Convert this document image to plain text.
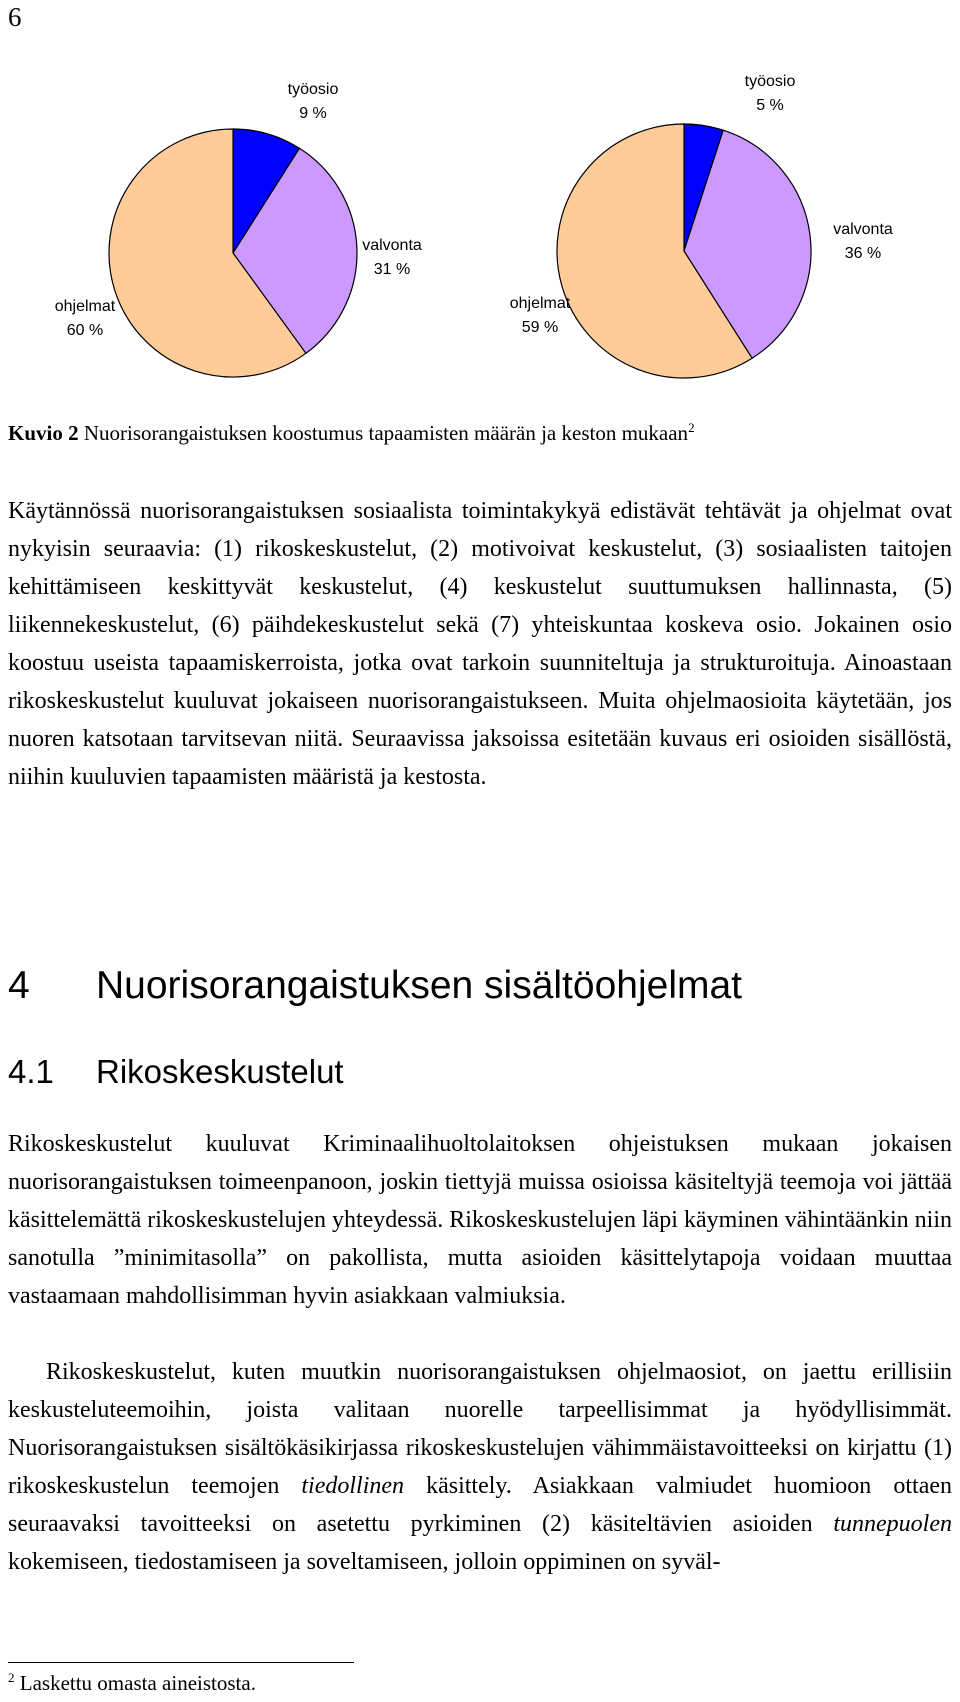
6
työosio
9 %
valvonta
31 %
ohjelmat
60 %
työosio
5 %
valvonta
36 %
ohjelmat
59 %
Kuvio 2 Nuorisorangaistuksen koostumus tapaamisten määrän ja keston mukaan$^2$

Käytännössä nuorisorangaistuksen sosiaalista toimintakykyä edistävät tehtävät ja ohjelmat ovat nykyisin seuraavia: (1) rikoskeskustelut, (2) motivoivat keskustelut, (3) sosiaalisten taitojen kehittämiseen keskittyvät keskustelut, (4) keskustelut suuttumuksen hallinnasta, (5) liikennekeskustelut, (6) päihdekeskustelut sekä (7) yhteiskuntaa koskeva osio. Jokainen osio koostuu useista tapaamiskerroista, jotka ovat tarkoin suunniteltuja ja strukturoituja. Ainoastaan rikoskeskustelut kuuluvat jokaiseen nuorisorangaistukseen. Muita ohjelmaosioita käytetään, jos nuoren katsotaan tarvitsevan niitä. Seuraavissa jaksoissa esitetään kuvaus eri osioiden sisällöstä, niihin kuuluvien tapaamisten määristä ja kestosta.

4 Nuorisorangaistuksen sisältöohjelmat
4.1 Rikoskeskustelut

Rikoskeskustelut kuuluvat Kriminaalihuoltolaitoksen ohjeistuksen mukaan jokaisen nuorisorangaistuksen toimeenpanoon, joskin tiettyjä muissa osioissa käsiteltyjä teemoja voi jättää käsittelemättä rikoskeskustelujen yhteydessä. Rikoskeskustelujen läpi käyminen vähintäänkin niin sanotulla ”minimitasolla” on pakollista, mutta asioiden käsittelytapoja voidaan muuttaa vastaamaan mahdollisimman hyvin asiakkaan valmiuksia.

Rikoskeskustelut, kuten muutkin nuorisorangaistuksen ohjelmaosiot, on jaettu erillisiin keskusteluteemoihin, joista valitaan nuorelle tarpeellisimmat ja hyödyllisimmät. Nuorisorangaistuksen sisältökäsikirjassa rikoskeskustelujen vähimmäistavoitteeksi on kirjattu (1) rikoskeskustelun teemojen tiedollinen käsittely. Asiakkaan valmiudet huomioon ottaen seuraavaksi tavoitteeksi on asetettu pyrkiminen (2) käsiteltävien asioiden tunnepuolen kokemiseen, tiedostamiseen ja soveltamiseen, jolloin oppiminen on syväl-

$^2$ Laskettu omasta aineistosta.
